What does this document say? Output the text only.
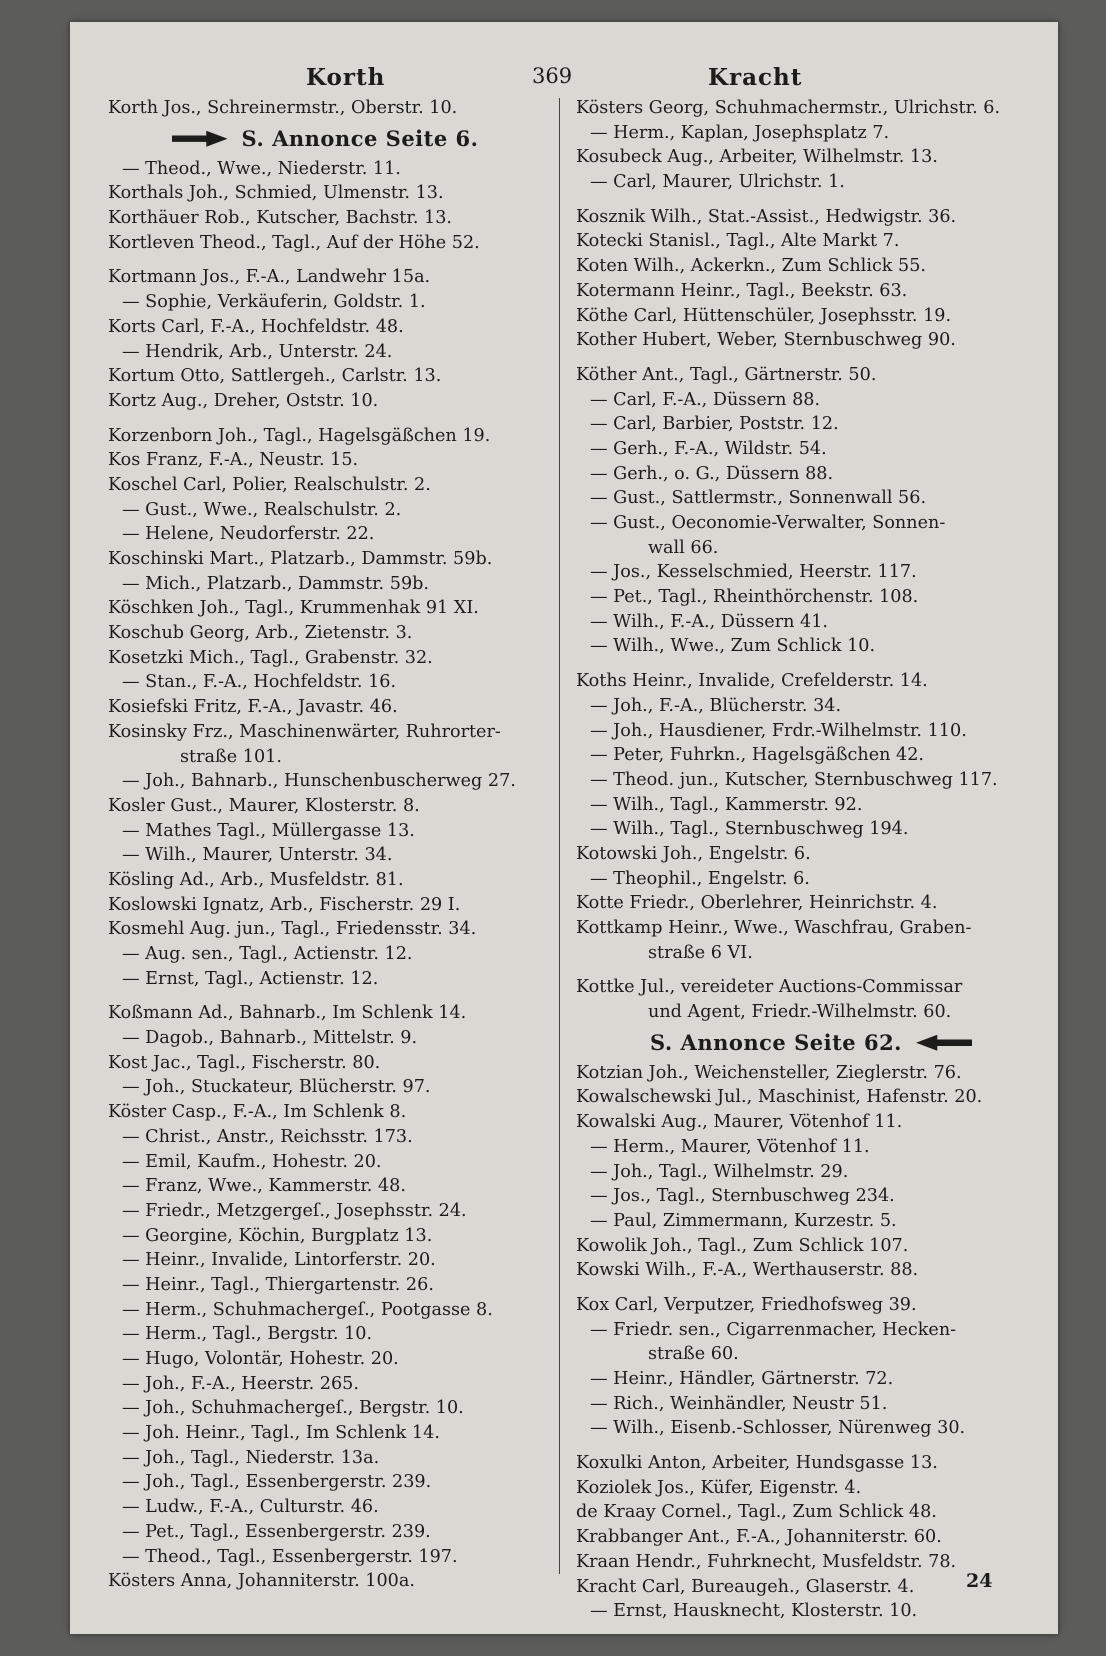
Korth	369	Kracht
Korth Jos., Schreinermstr., Oberstr. 10.
S. Annonce Seite 6.
— Theod., Wwe., Niederstr. 11.
Korthals Joh., Schmied, Ulmenstr. 13.
Korthäuer Rob., Kutscher, Bachstr. 13.
Kortleven Theod., Tagl., Auf der Höhe 52.
Kortmann Jos., F.-A., Landwehr 15a.
— Sophie, Verkäuferin, Goldstr. 1.
Korts Carl, F.-A., Hochfeldstr. 48.
— Hendrik, Arb., Unterstr. 24.
Kortum Otto, Sattlergeh., Carlstr. 13.
Kortz Aug., Dreher, Oststr. 10.
Korzenborn Joh., Tagl., Hagelsgäßchen 19.
Kos Franz, F.-A., Neustr. 15.
Koschel Carl, Polier, Realschulstr. 2.
— Gust., Wwe., Realschulstr. 2.
— Helene, Neudorferstr. 22.
Koschinski Mart., Platzarb., Dammstr. 59b.
— Mich., Platzarb., Dammstr. 59b.
Köschken Joh., Tagl., Krummenhak 91 XI.
Koschub Georg, Arb., Zietenstr. 3.
Kosetzki Mich., Tagl., Grabenstr. 32.
— Stan., F.-A., Hochfeldstr. 16.
Kosiefski Fritz, F.-A., Javastr. 46.
Kosinsky Frz., Maschinenwärter, Ruhrorter-
straße 101.
— Joh., Bahnarb., Hunschenbuscherweg 27.
Kosler Gust., Maurer, Klosterstr. 8.
— Mathes Tagl., Müllergasse 13.
— Wilh., Maurer, Unterstr. 34.
Kösling Ad., Arb., Musfeldstr. 81.
Koslowski Ignatz, Arb., Fischerstr. 29 I.
Kosmehl Aug. jun., Tagl., Friedensstr. 34.
— Aug. sen., Tagl., Actienstr. 12.
— Ernst, Tagl., Actienstr. 12.
Koßmann Ad., Bahnarb., Im Schlenk 14.
— Dagob., Bahnarb., Mittelstr. 9.
Kost Jac., Tagl., Fischerstr. 80.
— Joh., Stuckateur, Blücherstr. 97.
Köster Casp., F.-A., Im Schlenk 8.
— Christ., Anstr., Reichsstr. 173.
— Emil, Kaufm., Hohestr. 20.
— Franz, Wwe., Kammerstr. 48.
— Friedr., Metzgergeſ., Josephsstr. 24.
— Georgine, Köchin, Burgplatz 13.
— Heinr., Invalide, Lintorferstr. 20.
— Heinr., Tagl., Thiergartenstr. 26.
— Herm., Schuhmachergeſ., Pootgasse 8.
— Herm., Tagl., Bergstr. 10.
— Hugo, Volontär, Hohestr. 20.
— Joh., F.-A., Heerstr. 265.
— Joh., Schuhmachergeſ., Bergstr. 10.
— Joh. Heinr., Tagl., Im Schlenk 14.
— Joh., Tagl., Niederstr. 13a.
— Joh., Tagl., Essenbergerstr. 239.
— Ludw., F.-A., Culturstr. 46.
— Pet., Tagl., Essenbergerstr. 239.
— Theod., Tagl., Essenbergerstr. 197.
Kösters Anna, Johanniterstr. 100a.
Kösters Georg, Schuhmachermstr., Ulrichstr. 6.
— Herm., Kaplan, Josephsplatz 7.
Kosubeck Aug., Arbeiter, Wilhelmstr. 13.
— Carl, Maurer, Ulrichstr. 1.
Kosznik Wilh., Stat.-Assist., Hedwigstr. 36.
Kotecki Stanisl., Tagl., Alte Markt 7.
Koten Wilh., Ackerkn., Zum Schlick 55.
Kotermann Heinr., Tagl., Beekstr. 63.
Köthe Carl, Hüttenschüler, Josephsstr. 19.
Kother Hubert, Weber, Sternbuschweg 90.
Köther Ant., Tagl., Gärtnerstr. 50.
— Carl, F.-A., Düssern 88.
— Carl, Barbier, Poststr. 12.
— Gerh., F.-A., Wildstr. 54.
— Gerh., o. G., Düssern 88.
— Gust., Sattlermstr., Sonnenwall 56.
— Gust., Oeconomie-Verwalter, Sonnen-
wall 66.
— Jos., Kesselschmied, Heerstr. 117.
— Pet., Tagl., Rheinthörchenstr. 108.
— Wilh., F.-A., Düssern 41.
— Wilh., Wwe., Zum Schlick 10.
Koths Heinr., Invalide, Crefelderstr. 14.
— Joh., F.-A., Blücherstr. 34.
— Joh., Hausdiener, Frdr.-Wilhelmstr. 110.
— Peter, Fuhrkn., Hagelsgäßchen 42.
— Theod. jun., Kutscher, Sternbuschweg 117.
— Wilh., Tagl., Kammerstr. 92.
— Wilh., Tagl., Sternbuschweg 194.
Kotowski Joh., Engelstr. 6.
— Theophil., Engelstr. 6.
Kotte Friedr., Oberlehrer, Heinrichstr. 4.
Kottkamp Heinr., Wwe., Waschfrau, Graben-
straße 6 VI.
Kottke Jul., vereideter Auctions-Commissar
und Agent, Friedr.-Wilhelmstr. 60.
S. Annonce Seite 62.
Kotzian Joh., Weichensteller, Zieglerstr. 76.
Kowalschewski Jul., Maschinist, Hafenstr. 20.
Kowalski Aug., Maurer, Vötenhof 11.
— Herm., Maurer, Vötenhof 11.
— Joh., Tagl., Wilhelmstr. 29.
— Jos., Tagl., Sternbuschweg 234.
— Paul, Zimmermann, Kurzestr. 5.
Kowolik Joh., Tagl., Zum Schlick 107.
Kowski Wilh., F.-A., Werthauserstr. 88.
Kox Carl, Verputzer, Friedhofsweg 39.
— Friedr. sen., Cigarrenmacher, Hecken-
straße 60.
— Heinr., Händler, Gärtnerstr. 72.
— Rich., Weinhändler, Neustr 51.
— Wilh., Eisenb.-Schlosser, Nürenweg 30.
Koxulki Anton, Arbeiter, Hundsgasse 13.
Koziolek Jos., Küfer, Eigenstr. 4.
de Kraay Cornel., Tagl., Zum Schlick 48.
Krabbanger Ant., F.-A., Johanniterstr. 60.
Kraan Hendr., Fuhrknecht, Musfeldstr. 78.
Kracht Carl, Bureaugeh., Glaserstr. 4.
— Ernst, Hausknecht, Klosterstr. 10.
24
